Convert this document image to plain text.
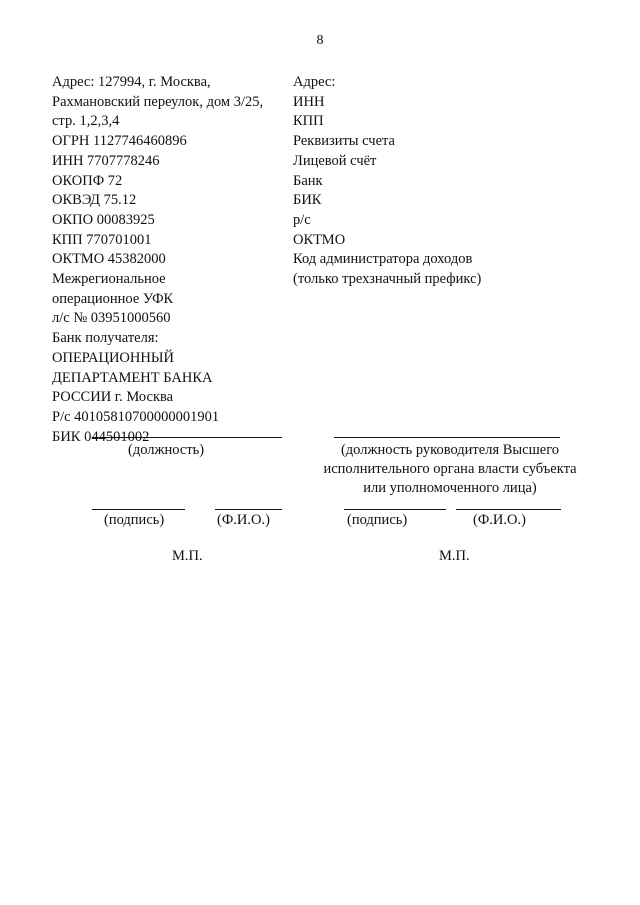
8
Адрес: 127994, г. Москва,
Рахмановский переулок, дом 3/25,
стр. 1,2,3,4
ОГРН 1127746460896
ИНН 7707778246
ОКОПФ 72
ОКВЭД 75.12
ОКПО 00083925
КПП 770701001
ОКТМО 45382000
Межрегиональное
операционное УФК
л/с № 03951000560
Банк получателя:
ОПЕРАЦИОННЫЙ
ДЕПАРТАМЕНТ БАНКА
РОССИИ г. Москва
Р/с 40105810700000001901
БИК 044501002
Адрес:
ИНН
КПП
Реквизиты счета
Лицевой счёт
Банк
БИК
р/с
ОКТМО
Код администратора доходов
(только трехзначный префикс)
(должность)	(должность руководителя Высшего
исполнительного органа власти субъекта
или уполномоченного лица)
(подпись)	(Ф.И.О.)	(подпись)	(Ф.И.О.)
М.П.	М.П.
